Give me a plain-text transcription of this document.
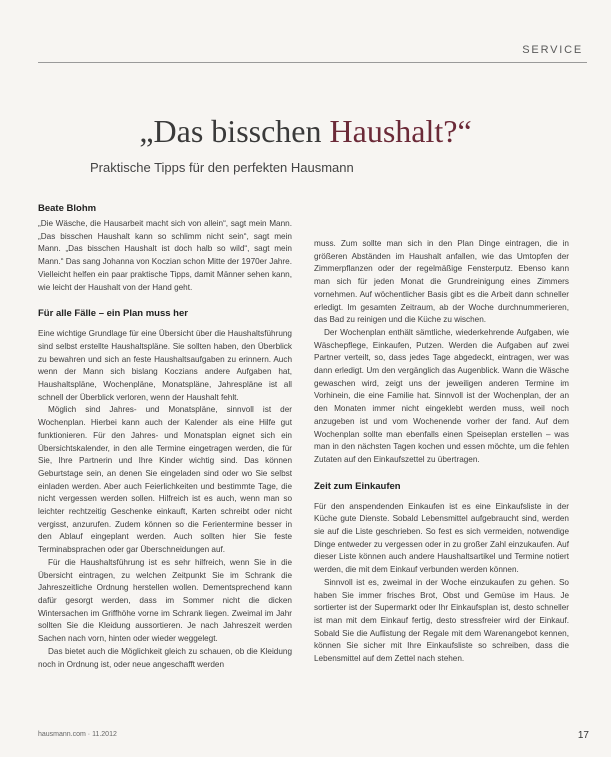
SERVICE
„Das bisschen Haushalt?“
Praktische Tipps für den perfekten Hausmann
Beate Blohm

„Die Wäsche, die Hausarbeit macht sich von allein“, sagt mein Mann. „Das bisschen Haushalt kann so schlimm nicht sein“, sagt mein Mann. „Das bisschen Haushalt ist doch halb so wild“, sagt mein Mann.“ Das sang Johanna von Koczian schon Mitte der 1970er Jahre. Vielleicht helfen ein paar praktische Tipps, damit Männer sehen kann, wie leicht der Haushalt von der Hand geht.

Für alle Fälle – ein Plan muss her

Eine wichtige Grundlage für eine Übersicht über die Haushaltsführung sind selbst erstellte Haushaltspläne. Sie sollten haben, den Überblick zu bewahren und sich an feste Haushaltsaufgaben zu erinnern. Auch wenn der Mann sich bislang Koczians andere Aufgaben hat, Haushaltspläne, Wochenpläne, Monatspläne, Jahrespläne ist all schnell der Überblick verloren, wenn der Haushalt fehlt.

Möglich sind Jahres- und Monatspläne, sinnvoll ist der Wochenplan. Hierbei kann auch der Kalender als eine Hilfe gut funktionieren. Für den Jahres- und Monatsplan eignet sich ein Übersichtskalender, in den alle Termine eingetragen werden, die für Sie, Ihre Partnerin und Ihre Kinder wichtig sind. Das können Geburtstage sein, an denen Sie eingeladen sind oder wo Sie selbst einladen werden. Aber auch Feierlichkeiten und bestimmte Tage, die nicht vergessen werden sollen. Hilfreich ist es auch, wenn man so leichter rechtzeitig Geschenke einkauft, Karten schreibt oder nicht vergisst, anzurufen. Zudem können so die Ferientermine besser in den Ablauf eingeplant werden. Auch sollten hier Sie feste Terminabsprachen oder gar Überschneidungen auf.

Für die Haushaltsführung ist es sehr hilfreich, wenn Sie in die Übersicht eintragen, zu welchen Zeitpunkt Sie im Schrank die Jahreszeitliche Ordnung herstellen wollen. Dementsprechend kann dafür gesorgt werden, dass im Sommer nicht die dicken Wintersachen im Griffhöhe vorne im Schrank liegen. Zweimal im Jahr sollten Sie die Kleidung aussortieren. Je nach Jahreszeit werden Sachen nach vorn, hinten oder wieder weggelegt.

Das bietet auch die Möglichkeit gleich zu schauen, ob die Kleidung noch in Ordnung ist, oder neue angeschafft werden

muss. Zum sollte man sich in den Plan Dinge eintragen, die in größeren Abständen im Haushalt anfallen, wie das Umtopfen der Zimmerpflanzen oder der regelmäßige Fensterputz. Ebenso kann man sich für jeden Monat die Grundreinigung eines Zimmers vornehmen. Auf wöchentlicher Basis gibt es die Arbeit dann schneller erledigt. Im gesamten Zeitraum, ab der Woche durchnummerieren, das Bad zu reinigen und die Küche zu wischen.

Der Wochenplan enthält sämtliche, wiederkehrende Aufgaben, wie Wäschepflege, Einkaufen, Putzen. Werden die Aufgaben auf zwei Partner verteilt, so, dass jedes Tage abgedeckt, eintragen, wer was dann erledigt. Um den vergänglich das Augenblick. Wann die Wäsche gewaschen wird, zeigt uns der jeweiligen anderen Termine im Vorhinein, die eine Familie hat. Sinnvoll ist der Wochenplan, der an den Monaten immer nicht eingeklebt werden muss, weil noch anzugeben ist und vom Wochenende vorher der fand. Auf dem Wochenplan sollte man ebenfalls einen Speiseplan erstellen – was man in den nächsten Tagen kochen und essen möchte, um die fehlen Zutaten auf den Einkaufszettel zu übertragen.

Zeit zum Einkaufen

Für den anspendenden Einkaufen ist es eine Einkaufsliste in der Küche gute Dienste. Sobald Lebensmittel aufgebraucht sind, werden sie auf die Liste geschrieben. So fest es sich vermeiden, notwendige Dinge entweder zu vergessen oder in zu großer Zahl einzukaufen. Auf dieser Liste können auch andere Haushaltsartikel und Termine notiert werden, die mit dem Einkauf verbunden werden können.

Sinnvoll ist es, zweimal in der Woche einzukaufen zu gehen. So haben Sie immer frisches Brot, Obst und Gemüse im Haus. Je sortierter ist der Supermarkt oder Ihr Einkaufsplan ist, desto schneller ist man mit dem Einkauf fertig, desto stressfreier wird der Einkauf. Sobald Sie die Auflistung der Regale mit dem Warenangebot kennen, können Sie sicher mit Ihre Einkaufsliste so schreiben, dass die Lebensmittel auf dem Zettel nach stehen.

hausmann.com · 11.2012	17
